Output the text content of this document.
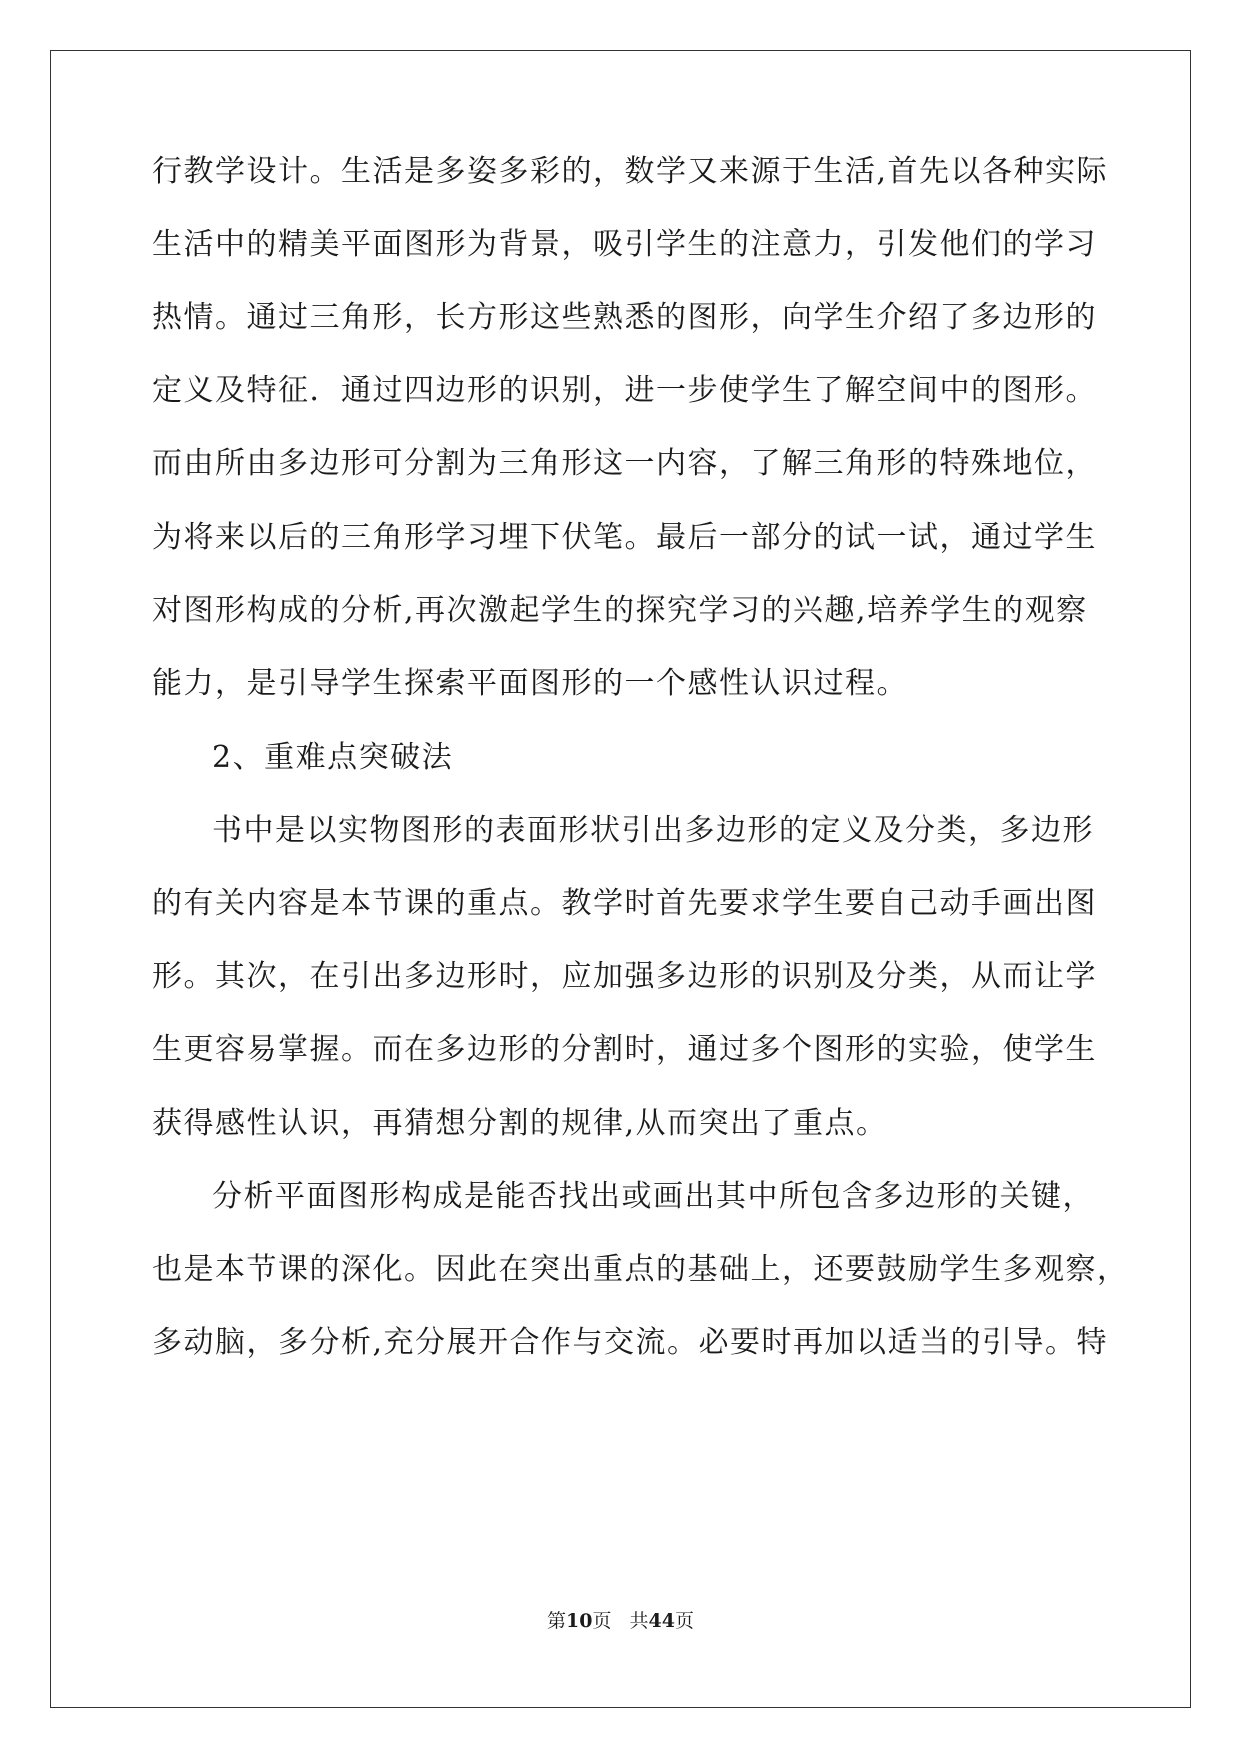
行教学设计。生活是多姿多彩的，数学又来源于生活,首先以各种实际
生活中的精美平面图形为背景，吸引学生的注意力，引发他们的学习
热情。通过三角形，长方形这些熟悉的图形，向学生介绍了多边形的
定义及特征．通过四边形的识别，进一步使学生了解空间中的图形。
而由所由多边形可分割为三角形这一内容，了解三角形的特殊地位，
为将来以后的三角形学习埋下伏笔。最后一部分的试一试，通过学生
对图形构成的分析,再次激起学生的探究学习的兴趣,培养学生的观察
能力，是引导学生探索平面图形的一个感性认识过程。
2、重难点突破法
书中是以实物图形的表面形状引出多边形的定义及分类，多边形
的有关内容是本节课的重点。教学时首先要求学生要自己动手画出图
形。其次，在引出多边形时，应加强多边形的识别及分类，从而让学
生更容易掌握。而在多边形的分割时，通过多个图形的实验，使学生
获得感性认识，再猜想分割的规律,从而突出了重点。
分析平面图形构成是能否找出或画出其中所包含多边形的关键，
也是本节课的深化。因此在突出重点的基础上，还要鼓励学生多观察，
多动脑，多分析,充分展开合作与交流。必要时再加以适当的引导。特
第10页 共44页
